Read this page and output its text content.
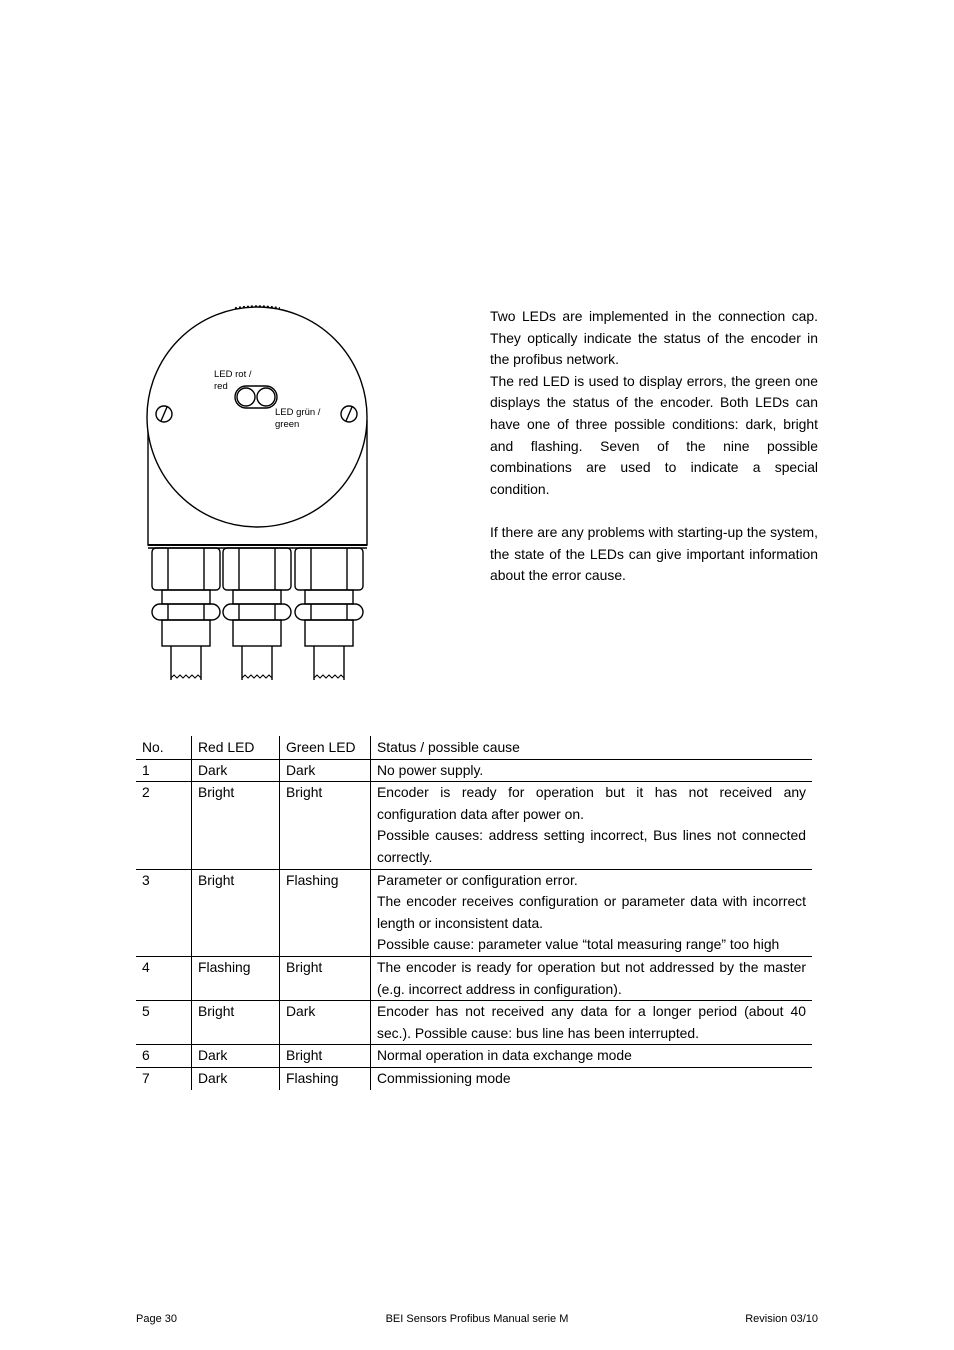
LED rot /
red
LED grün /
green

Two LEDs are implemented in the connection cap. They optically indicate the status of the encoder in the profibus network.

The red LED is used to display errors, the green one displays the status of the encoder. Both LEDs can have one of three possible conditions: dark, bright and flashing. Seven of the nine possible combinations are used to indicate a special condition.

If there are any problems with starting-up the system, the state of the LEDs can give important information about the error cause.

No.	Red LED	Green LED	Status / possible cause
1	Dark	Dark	No power supply.

2	Bright	Bright	Encoder is ready for operation but it has not received any configuration data after power on.

Possible causes: address setting incorrect, Bus lines not connected correctly.

3	Bright	Flashing	Parameter or configuration error.

The encoder receives configuration or parameter data with incorrect length or inconsistent data.

Possible cause: parameter value “total measuring range” too high

4	Flashing	Bright	The encoder is ready for operation but not addressed by the master (e.g. incorrect address in configuration).

5	Bright	Dark	Encoder has not received any data for a longer period (about 40 sec.). Possible cause: bus line has been interrupted.

6	Dark	Bright	Normal operation in data exchange mode

7	Dark	Flashing	Commissioning mode

Page 30	BEI Sensors Profibus Manual serie M	Revision 03/10
